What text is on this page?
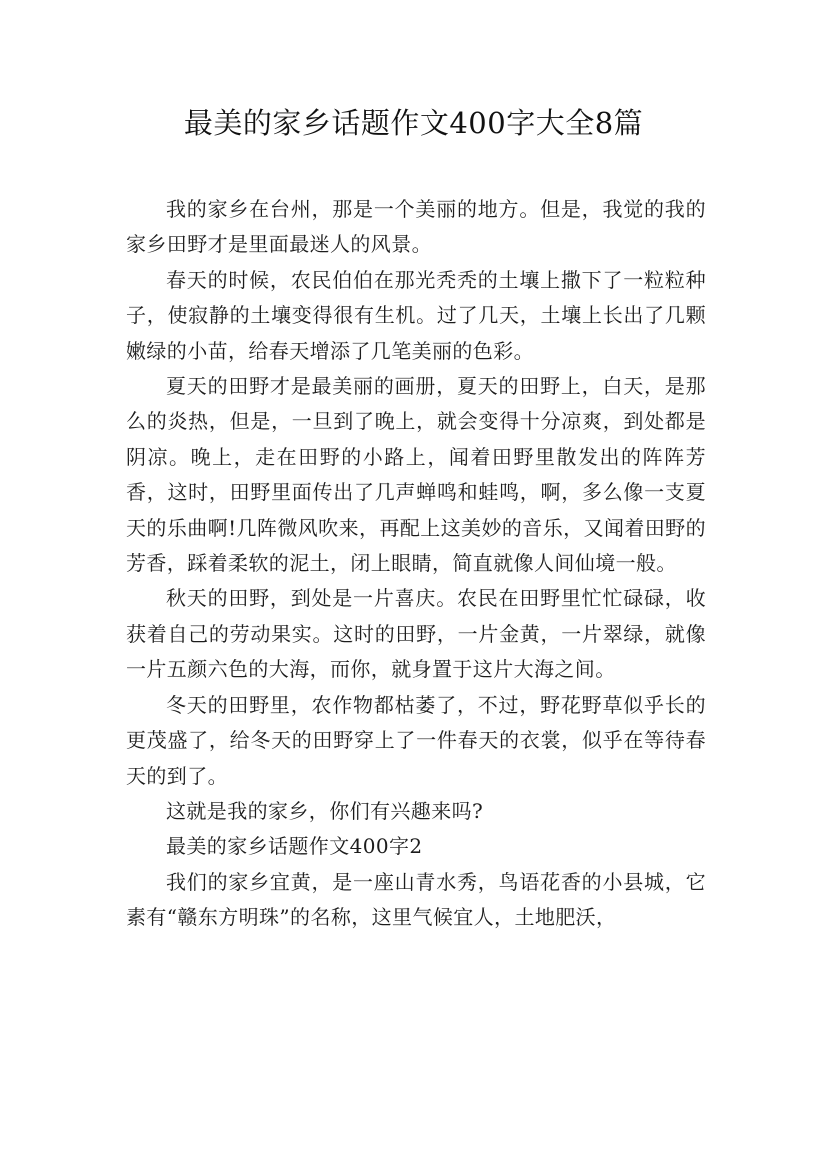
最美的家乡话题作文400字大全8篇

我的家乡在台州，那是一个美丽的地方。但是，我觉的我的家乡田野才是里面最迷人的风景。

春天的时候，农民伯伯在那光秃秃的土壤上撒下了一粒粒种子，使寂静的土壤变得很有生机。过了几天，土壤上长出了几颗嫩绿的小苗，给春天增添了几笔美丽的色彩。

夏天的田野才是最美丽的画册，夏天的田野上，白天，是那么的炎热，但是，一旦到了晚上，就会变得十分凉爽，到处都是阴凉。晚上，走在田野的小路上，闻着田野里散发出的阵阵芳香，这时，田野里面传出了几声蝉鸣和蛙鸣，啊，多么像一支夏天的乐曲啊!几阵微风吹来，再配上这美妙的音乐，又闻着田野的芳香，踩着柔软的泥土，闭上眼睛，简直就像人间仙境一般。

秋天的田野，到处是一片喜庆。农民在田野里忙忙碌碌，收获着自己的劳动果实。这时的田野，一片金黄，一片翠绿，就像一片五颜六色的大海，而你，就身置于这片大海之间。

冬天的田野里，农作物都枯萎了，不过，野花野草似乎长的更茂盛了，给冬天的田野穿上了一件春天的衣裳，似乎在等待春天的到了。

这就是我的家乡，你们有兴趣来吗?

最美的家乡话题作文400字2

我们的家乡宜黄，是一座山青水秀，鸟语花香的小县城，它素有“赣东方明珠”的名称，这里气候宜人，土地肥沃，
